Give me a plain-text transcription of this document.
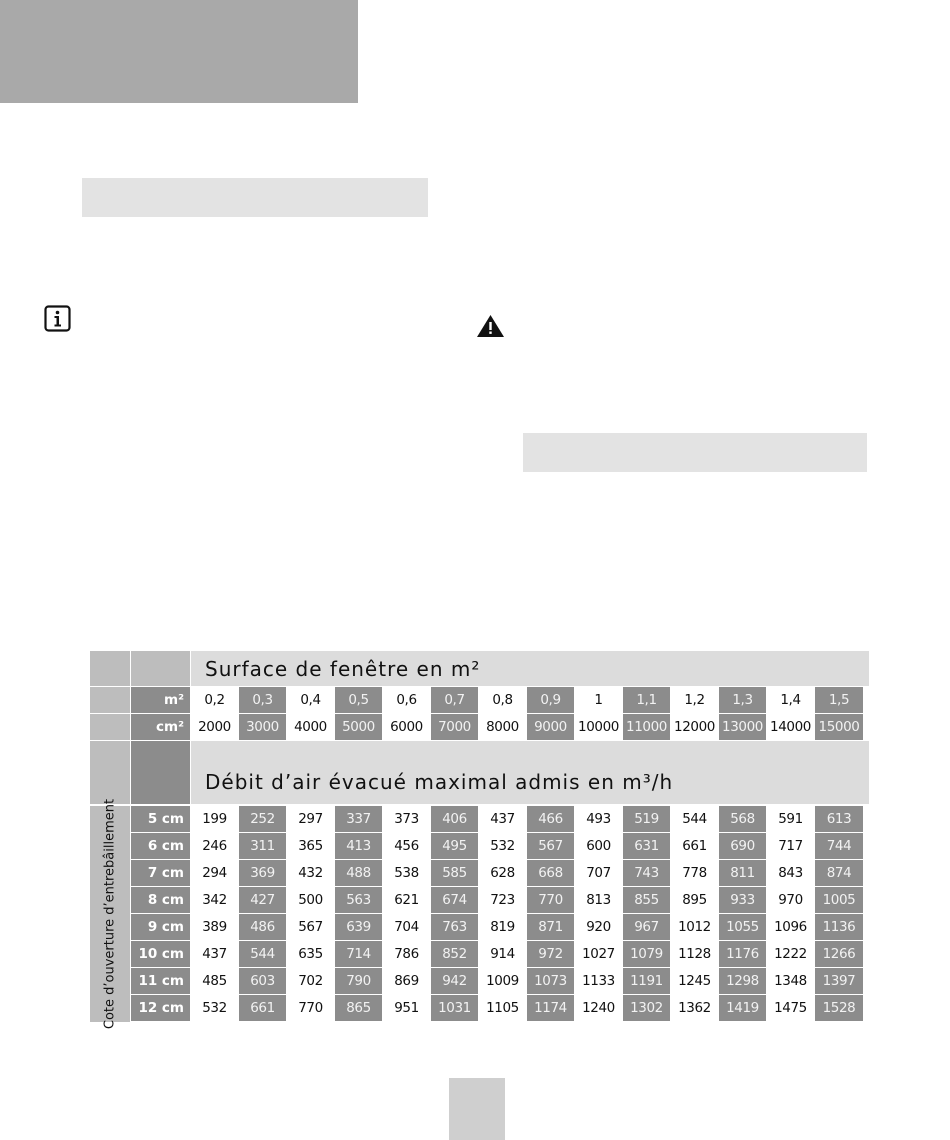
Surface de fenêtre en m²
m²	0,2	0,3	0,4	0,5	0,6	0,7	0,8	0,9	1	1,1	1,2	1,3	1,4	1,5
cm²	2000	3000	4000	5000	6000	7000	8000	9000 10000 11000 12000 13000 14000 15000
Débit d’air évacué maximal admis en m³/h
Cote d’ouverture d’entrebâillement	5 cm	199	252	297	337	373	406	437	466	493	519	544	568	591	613
6 cm	246	311	365	413	456	495	532	567	600	631	661	690	717	744
7 cm	294	369	432	488	538	585	628	668	707	743	778	811	843	874
8 cm	342	427	500	563	621	674	723	770	813	855	895	933	970	1005
9 cm	389	486	567	639	704	763	819	871	920	967	1012	1055	1096	1136
10 cm	437	544	635	714	786	852	914	972	1027	1079	1128	1176	1222	1266
11 cm	485	603	702	790	869	942	1009	1073	1133	1191	1245	1298	1348	1397
12 cm	532	661	770	865	951	1031	1105	1174	1240	1302	1362	1419	1475	1528
